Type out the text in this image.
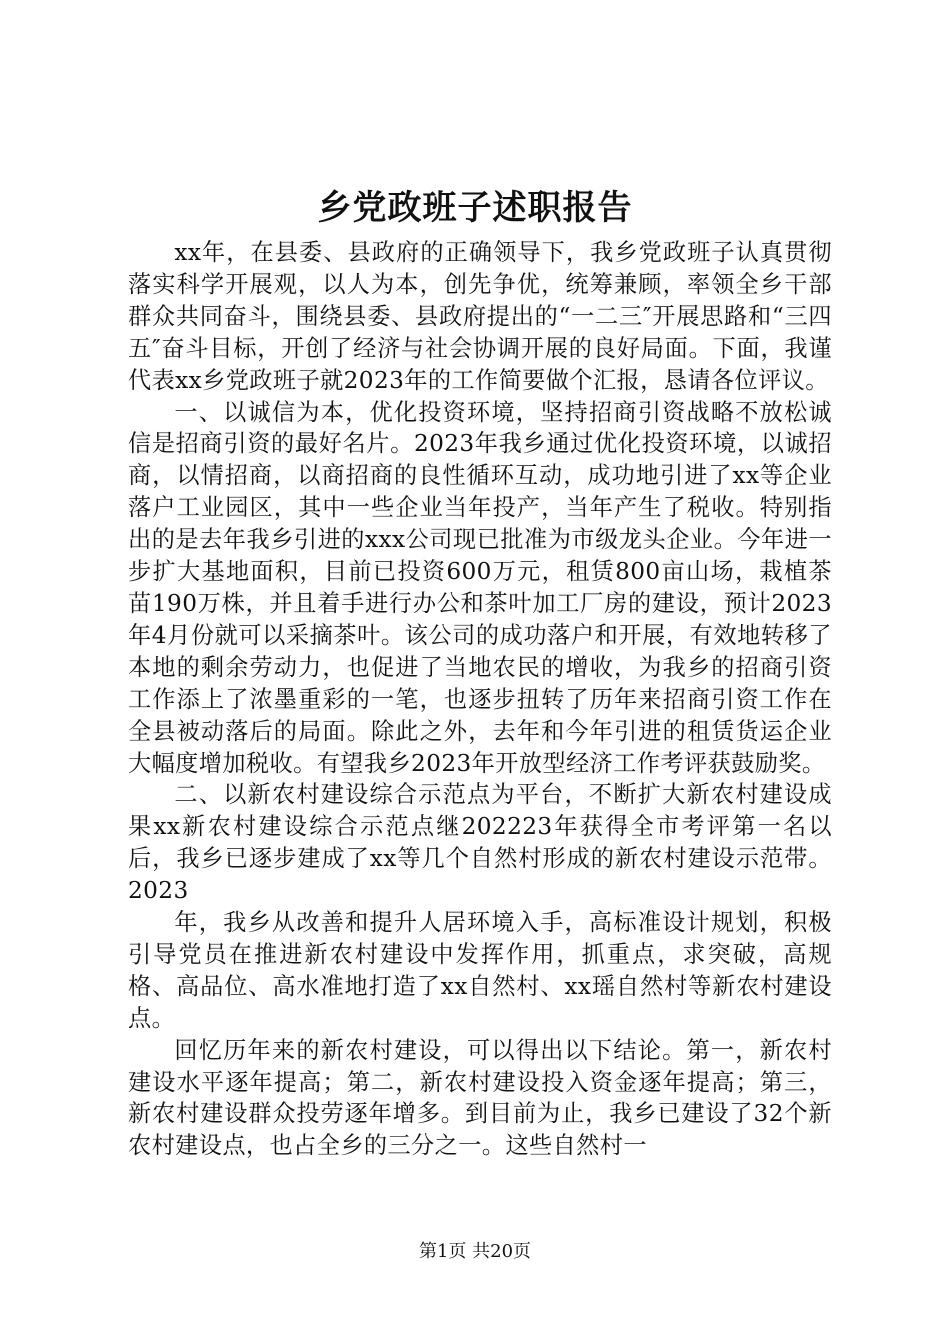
乡党政班子述职报告

xx年，在县委、县政府的正确领导下，我乡党政班子认真贯彻落实科学开展观，以人为本，创先争优，统筹兼顾，率领全乡干部群众共同奋斗，围绕县委、县政府提出的“一二三″开展思路和“三四五″奋斗目标，开创了经济与社会协调开展的良好局面。下面，我谨代表xx乡党政班子就2023年的工作简要做个汇报，恳请各位评议。

一、以诚信为本，优化投资环境，坚持招商引资战略不放松诚信是招商引资的最好名片。2023年我乡通过优化投资环境，以诚招商，以情招商，以商招商的良性循环互动，成功地引进了xx等企业落户工业园区，其中一些企业当年投产，当年产生了税收。特别指出的是去年我乡引进的xxx公司现已批准为市级龙头企业。今年进一步扩大基地面积，目前已投资600万元，租赁800亩山场，栽植茶苗190万株，并且着手进行办公和茶叶加工厂房的建设，预计2023年4月份就可以采摘茶叶。该公司的成功落户和开展，有效地转移了本地的剩余劳动力，也促进了当地农民的增收，为我乡的招商引资工作添上了浓墨重彩的一笔，也逐步扭转了历年来招商引资工作在全县被动落后的局面。除此之外，去年和今年引进的租赁货运企业大幅度增加税收。有望我乡2023年开放型经济工作考评获鼓励奖。

二、以新农村建设综合示范点为平台，不断扩大新农村建设成果xx新农村建设综合示范点继202223年获得全市考评第一名以后，我乡已逐步建成了xx等几个自然村形成的新农村建设示范带。2023

年，我乡从改善和提升人居环境入手，高标准设计规划，积极引导党员在推进新农村建设中发挥作用，抓重点，求突破，高规格、高品位、高水准地打造了xx自然村、xx瑶自然村等新农村建设点。

回忆历年来的新农村建设，可以得出以下结论。第一，新农村建设水平逐年提高；第二，新农村建设投入资金逐年提高；第三，新农村建设群众投劳逐年增多。到目前为止，我乡已建设了32个新农村建设点，也占全乡的三分之一。这些自然村一

第1页 共20页
